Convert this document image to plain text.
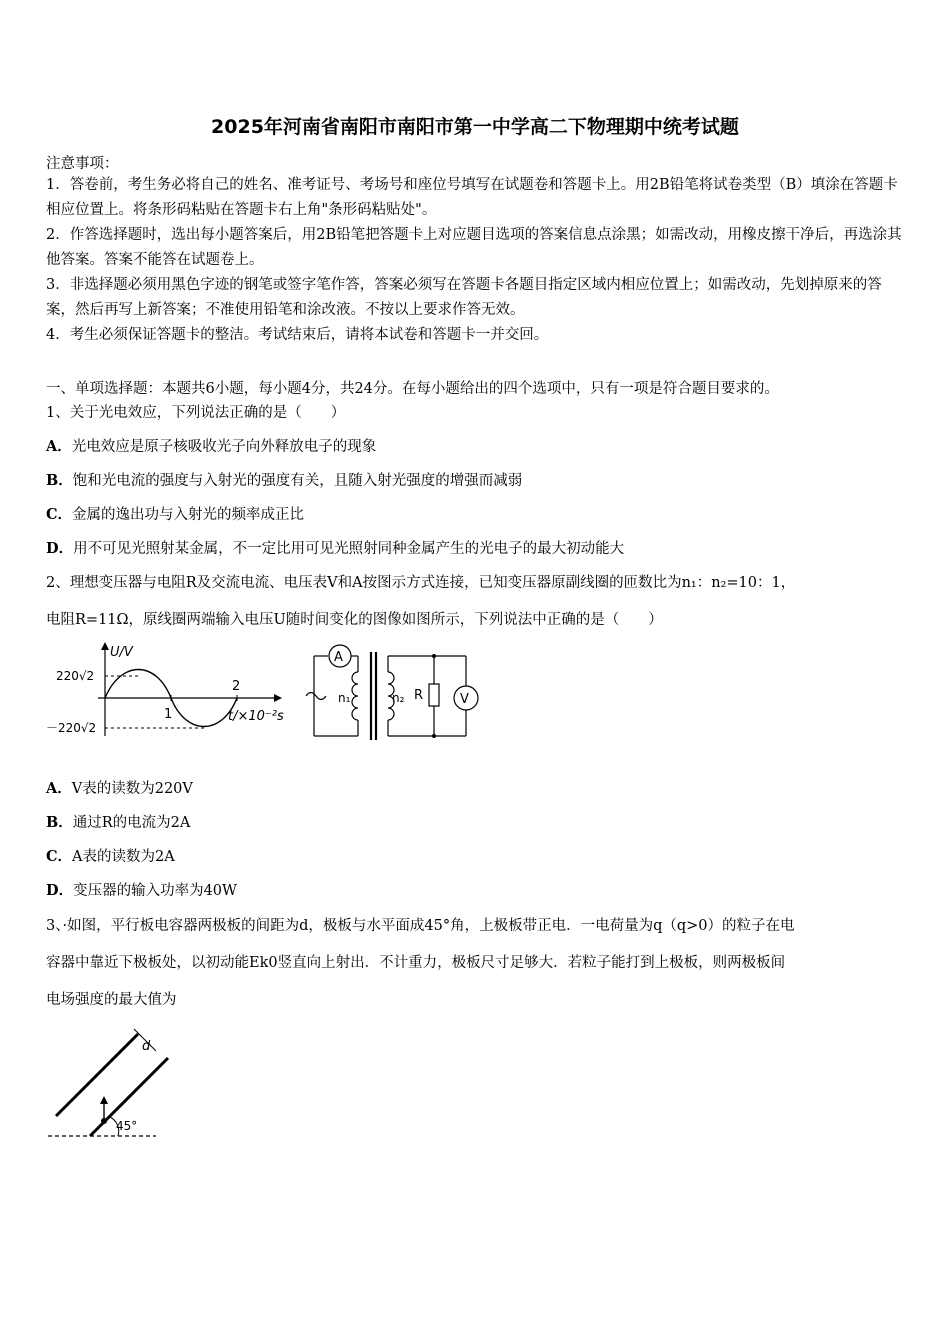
2025年河南省南阳市南阳市第一中学高二下物理期中统考试题
注意事项：
1．答卷前，考生务必将自己的姓名、准考证号、考场号和座位号填写在试题卷和答题卡上。用2B铅笔将试卷类型（B）填涂在答题卡相应位置上。将条形码粘贴在答题卡右上角"条形码粘贴处"。
2．作答选择题时，选出每小题答案后，用2B铅笔把答题卡上对应题目选项的答案信息点涂黑；如需改动，用橡皮擦干净后，再选涂其他答案。答案不能答在试题卷上。
3．非选择题必须用黑色字迹的钢笔或签字笔作答，答案必须写在答题卡各题目指定区域内相应位置上；如需改动，先划掉原来的答案，然后再写上新答案；不准使用铅笔和涂改液。不按以上要求作答无效。
4．考生必须保证答题卡的整洁。考试结束后，请将本试卷和答题卡一并交回。
一、单项选择题：本题共6小题，每小题4分，共24分。在每小题给出的四个选项中，只有一项是符合题目要求的。
1、关于光电效应，下列说法正确的是（　　）
A．光电效应是原子核吸收光子向外释放电子的现象
B．饱和光电流的强度与入射光的强度有关，且随入射光强度的增强而减弱
C．金属的逸出功与入射光的频率成正比
D．用不可见光照射某金属，不一定比用可见光照射同种金属产生的光电子的最大初动能大
2、理想变压器与电阻R及交流电流、电压表V和A按图示方式连接，已知变压器原副线圈的匝数比为n₁：n₂=10：1，
电阻R=11Ω，原线圈两端输入电压U随时间变化的图像如图所示，下列说法中正确的是（　　）
U/V
220√2
－220√2
1
2
t/×10⁻²s
A
n₁	n₂ R	V
A．V表的读数为220V
B．通过R的电流为2A
C．A表的读数为2A
D．变压器的输入功率为40W
3、·如图，平行板电容器两极板的间距为d，极板与水平面成45°角，上极板带正电．一电荷量为q（q>0）的粒子在电
容器中靠近下极板处，以初动能Ek0竖直向上射出．不计重力，极板尺寸足够大．若粒子能打到上极板，则两极板间
电场强度的最大值为
d
45°
